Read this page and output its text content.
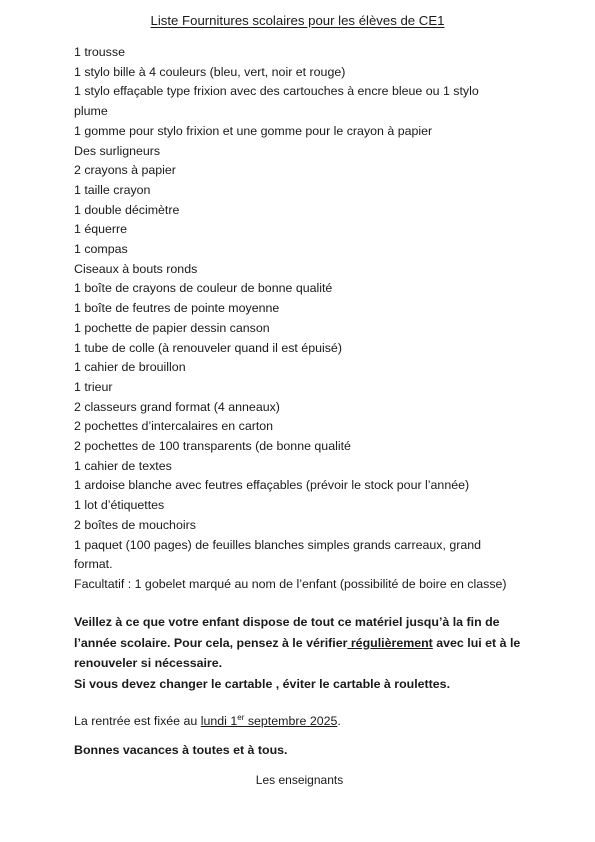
Liste Fournitures scolaires pour les élèves de CE1
1 trousse
1 stylo bille à 4 couleurs (bleu, vert, noir et rouge)
1 stylo effaçable type frixion avec des cartouches à encre bleue ou 1 stylo plume
1 gomme pour stylo frixion et une gomme pour le crayon à papier
Des surligneurs
2 crayons à papier
1 taille crayon
1 double décimètre
1 équerre
1 compas
Ciseaux à bouts ronds
1 boîte de crayons de couleur de bonne qualité
1 boîte de feutres de pointe moyenne
1 pochette de papier dessin canson
1 tube de colle (à renouveler quand il est épuisé)
1 cahier de brouillon
1 trieur
2 classeurs grand format (4 anneaux)
2 pochettes d’intercalaires en carton
2 pochettes de 100 transparents (de bonne qualité
1 cahier de textes
1 ardoise blanche avec feutres effaçables (prévoir le stock pour l’année)
1 lot d’étiquettes
2 boîtes de mouchoirs
1 paquet (100 pages) de feuilles blanches simples grands carreaux, grand format.
Facultatif : 1 gobelet marqué au nom de l’enfant (possibilité de boire en classe)

Veillez à ce que votre enfant dispose de tout ce matériel jusqu’à la fin de l’année scolaire. Pour cela, pensez à le vérifier régulièrement avec lui et à le renouveler si nécessaire.

Si vous devez changer le cartable , éviter le cartable à roulettes.

La rentrée est fixée au lundi 1er septembre 2025.
Bonnes vacances à toutes et à tous.
Les enseignants
